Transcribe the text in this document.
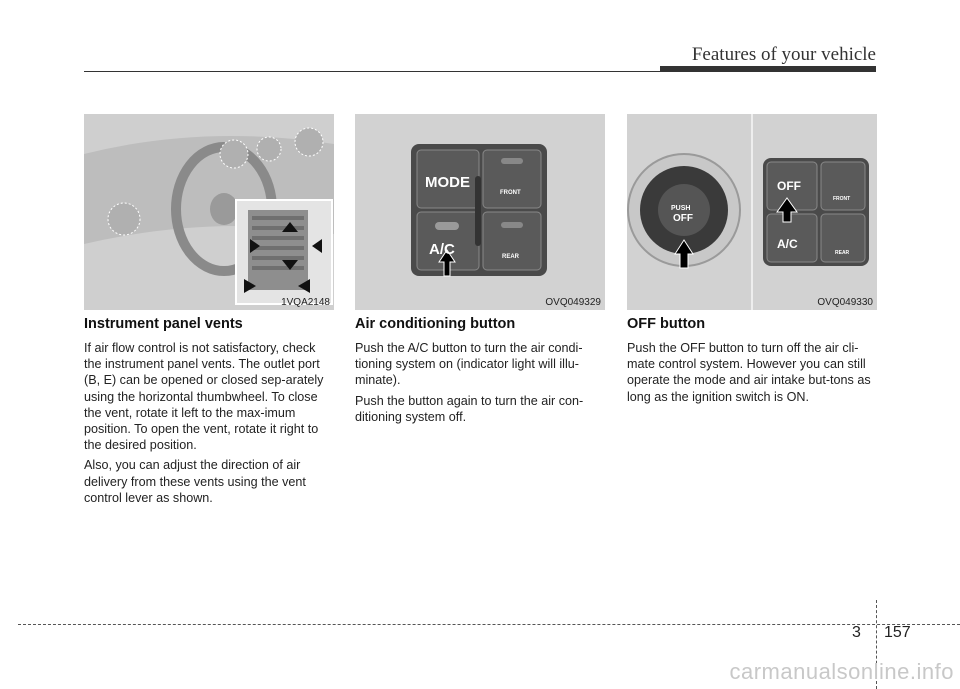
Features of your vehicle
1VQA2148
MODE
A/C
FRONT
REAR
OVQ049329
PUSH
OFF
OFF
A/C
FRONT
REAR
OVQ049330
Instrument panel vents

If air flow control is not satisfactory, check the instrument panel vents. The outlet port (B, E) can be opened or closed sep-arately using the horizontal thumbwheel. To close the vent, rotate it left to the max-imum position. To open the vent, rotate it right to the desired position.

Also, you can adjust the direction of air delivery from these vents using the vent control lever as shown.

Air conditioning button

Push the A/C button to turn the air condi-tioning system on (indicator light will illu-minate).

Push the button again to turn the air con-ditioning system off.

OFF button

Push the OFF button to turn off the air cli-mate control system. However you can still operate the mode and air intake but-tons as long as the ignition switch is ON.

3 157
carmanualsonline.info
